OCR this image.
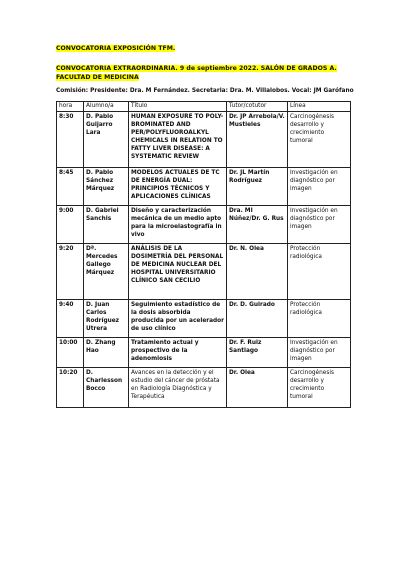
CONVOCATORIA EXPOSICIÓN TFM.
CONVOCATORIA EXTRAORDINARIA. 9 de septiembre 2022. SALÓN DE GRADOS A. FACULTAD DE MEDICINA
Comisión: Presidente: Dra. M Fernández. Secretaria: Dra. M. Villalobos. Vocal: JM Garófano
hora	Alumno/a	Título	Tutor/cotutor	Línea
8:30	D. Pablo Guijarro Lara	HUMAN EXPOSURE TO POLY-BROMINATED AND PER/POLYFLUOROALKYL CHEMICALS IN RELATION TO FATTY LIVER DISEASE: A SYSTEMATIC REVIEW	Dr. JP Arrebola/V. Mustieles	Carcinogénesis desarrollo y crecimiento tumoral
8:45	D. Pablo Sánchez Márquez	MODELOS ACTUALES DE TC DE ENERGÍA DUAL: PRINCIPIOS TÉCNICOS Y APLICACIONES CLÍNICAS	Dr. JL Martín Rodríguez	Investigación en diagnóstico por imagen
9:00	D. Gabriel Sanchis	Diseño y caracterización mecánica de un medio apto para la microelastografía in vivo	Dra. MI Núñez/Dr. G. Rus	Investigación en diagnóstico por imagen
9:20	Dª. Mercedes Gallego Márquez	ANÁLISIS DE LA DOSIMETRÍA DEL PERSONAL DE MEDICINA NUCLEAR DEL HOSPITAL UNIVERSITARIO CLÍNICO SAN CECILIO	Dr. N. Olea	Protección radiológica
9:40	D. Juan Carlos Rodríguez Utrera	Seguimiento estadístico de la dosis absorbida producida por un acelerador de uso clínico	Dr. D. Guirado	Protección radiológica
10:00	D. Zhang Hao	Tratamiento actual y prospectivo de la adenomiosis	Dr. F. Ruiz Santiago	Investigación en diagnóstico por imagen
10:20	D. Charlesson Bocco	Avances en la detección y el estudio del cáncer de próstata en Radiología Diagnóstica y Terapéutica	Dr. Olea	Carcinogénesis desarrollo y crecimiento tumoral
